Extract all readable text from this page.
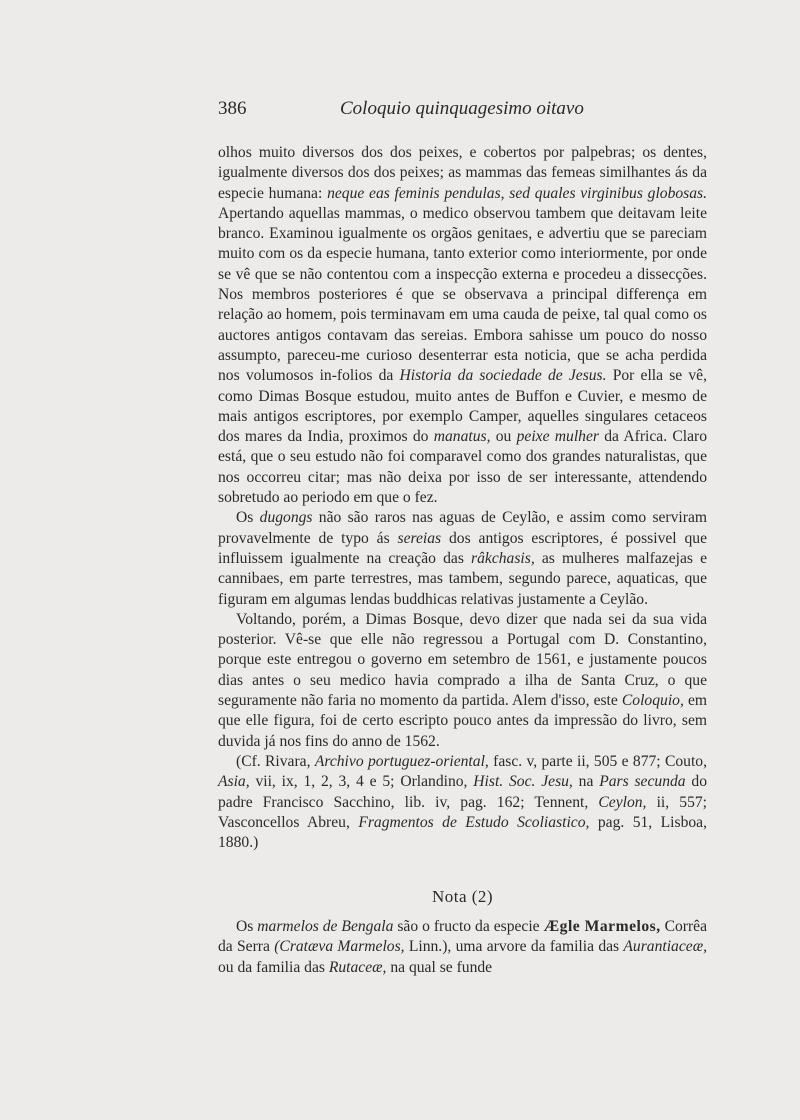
386	Coloquio quinquagesimo oitavo

olhos muito diversos dos dos peixes, e cobertos por palpebras; os dentes, igualmente diversos dos dos peixes; as mammas das femeas similhantes ás da especie humana: neque eas feminis pendulas, sed quales virginibus globosas. Apertando aquellas mammas, o medico observou tambem que deitavam leite branco. Examinou igualmente os orgãos genitaes, e advertiu que se pareciam muito com os da especie humana, tanto exterior como interiormente, por onde se vê que se não contentou com a inspecção externa e procedeu a dissecções. Nos membros posteriores é que se observava a principal differença em relação ao homem, pois terminavam em uma cauda de peixe, tal qual como os auctores antigos contavam das sereias. Embora sahisse um pouco do nosso assumpto, pareceu-me curioso desenterrar esta noticia, que se acha perdida nos volumosos in-folios da Historia da sociedade de Jesus. Por ella se vê, como Dimas Bosque estudou, muito antes de Buffon e Cuvier, e mesmo de mais antigos escriptores, por exemplo Camper, aquelles singulares cetaceos dos mares da India, proximos do manatus, ou peixe mulher da Africa. Claro está, que o seu estudo não foi comparavel como dos grandes naturalistas, que nos occorreu citar; mas não deixa por isso de ser interessante, attendendo sobretudo ao periodo em que o fez.

Os dugongs não são raros nas aguas de Ceylão, e assim como serviram provavelmente de typo ás sereias dos antigos escriptores, é possivel que influissem igualmente na creação das râkchasis, as mulheres malfazejas e cannibaes, em parte terrestres, mas tambem, segundo parece, aquaticas, que figuram em algumas lendas buddhicas relativas justamente a Ceylão.

Voltando, porém, a Dimas Bosque, devo dizer que nada sei da sua vida posterior. Vê-se que elle não regressou a Portugal com D. Constantino, porque este entregou o governo em setembro de 1561, e justamente poucos dias antes o seu medico havia comprado a ilha de Santa Cruz, o que seguramente não faria no momento da partida. Alem d'isso, este Coloquio, em que elle figura, foi de certo escripto pouco antes da impressão do livro, sem duvida já nos fins do anno de 1562.

(Cf. Rivara, Archivo portuguez-oriental, fasc. v, parte ii, 505 e 877; Couto, Asia, vii, ix, 1, 2, 3, 4 e 5; Orlandino, Hist. Soc. Jesu, na Pars secunda do padre Francisco Sacchino, lib. iv, pag. 162; Tennent, Ceylon, ii, 557; Vasconcellos Abreu, Fragmentos de Estudo Scoliastico, pag. 51, Lisboa, 1880.)

Nota (2)

Os marmelos de Bengala são o fructo da especie Ægle Marmelos, Corrêa da Serra (Cratæva Marmelos, Linn.), uma arvore da familia das Aurantiaceæ, ou da familia das Rutaceæ, na qual se funde
